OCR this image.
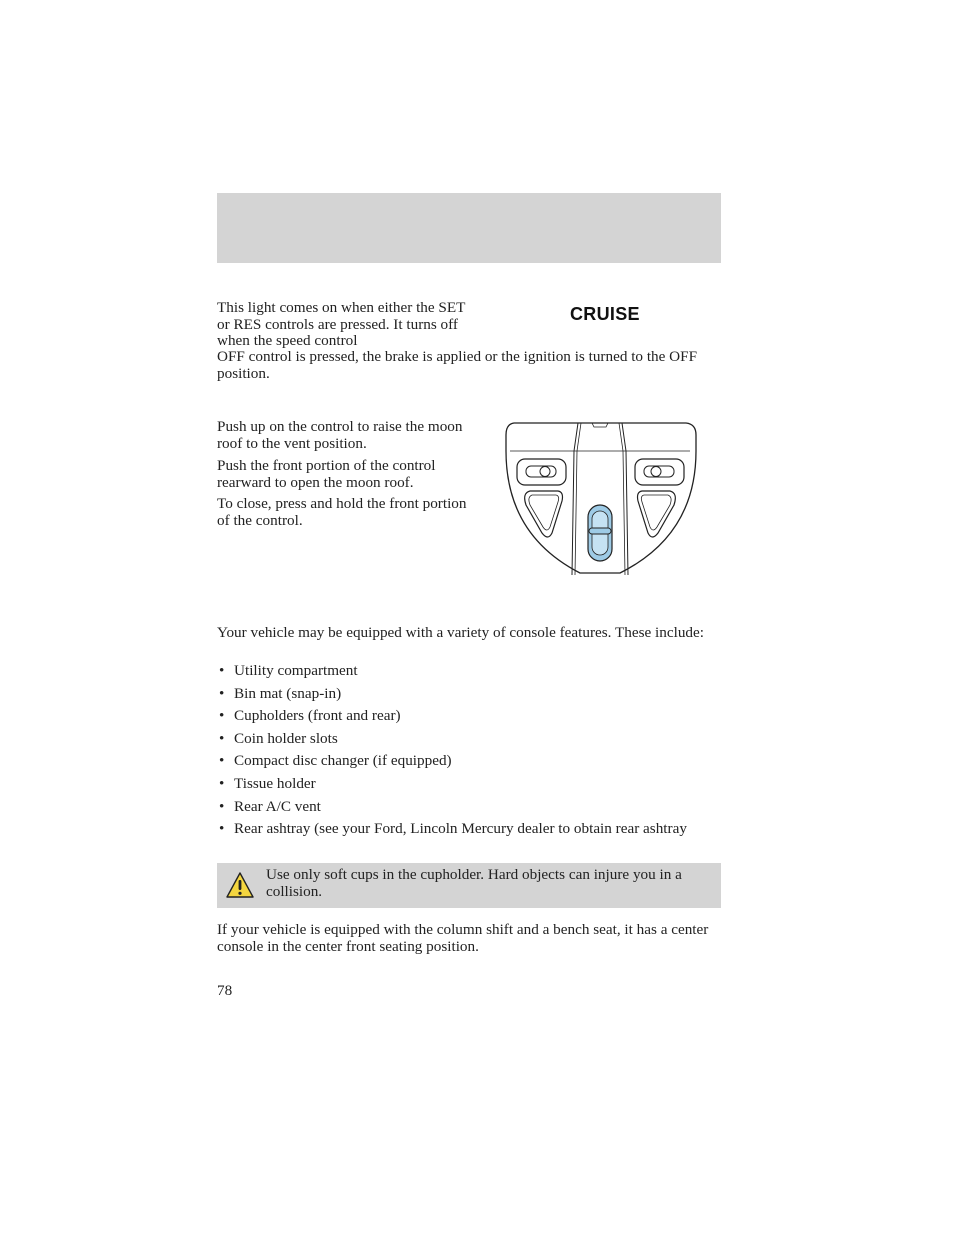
This light comes on when either the SET or RES controls are pressed. It turns off when the speed control

OFF control is pressed, the brake is applied or the ignition is turned to the OFF position.

CRUISE

Push up on the control to raise the moon roof to the vent position.

Push the front portion of the control rearward to open the moon roof.

To close, press and hold the front portion of the control.

Your vehicle may be equipped with a variety of console features. These include:

• Utility compartment
• Bin mat (snap-in)
• Cupholders (front and rear)
• Coin holder slots
• Compact disc changer (if equipped)
• Tissue holder
• Rear A/C vent
• Rear ashtray (see your Ford, Lincoln Mercury dealer to obtain rear ashtray

Use only soft cups in the cupholder. Hard objects can injure you in a collision.

If your vehicle is equipped with the column shift and a bench seat, it has a center console in the center front seating position.

78
